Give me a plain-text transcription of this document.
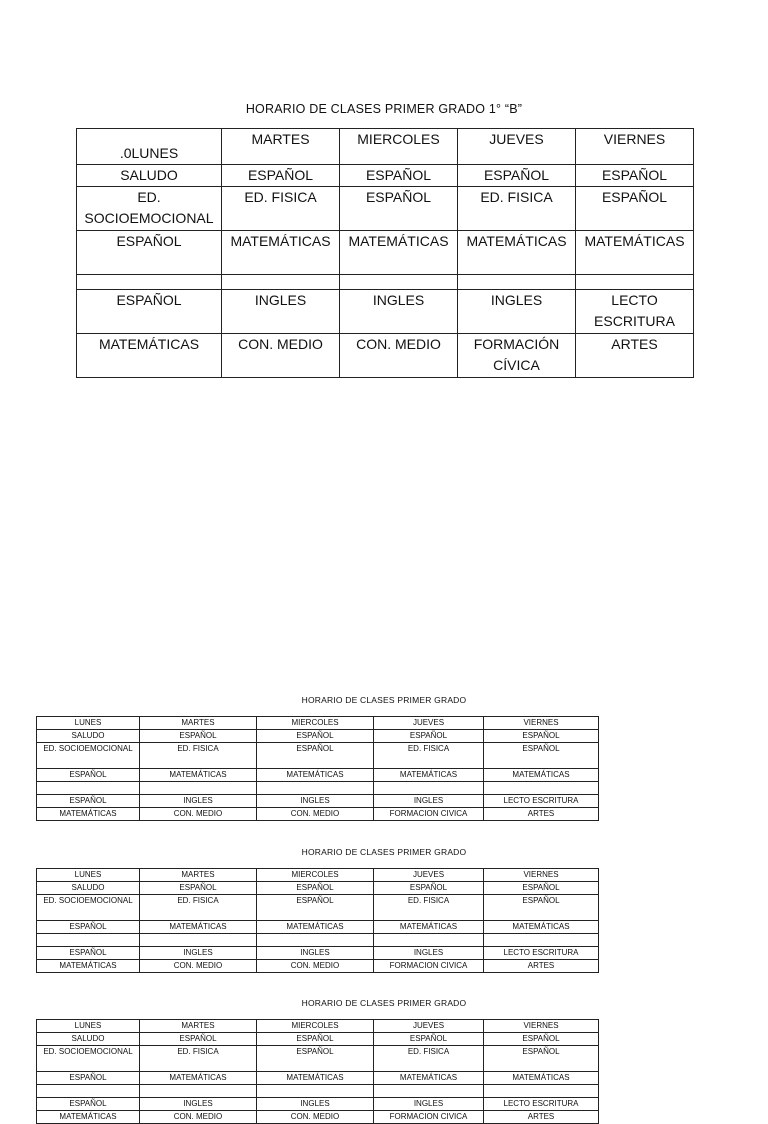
HORARIO DE CLASES PRIMER GRADO 1° “B”
.0LUNES	MARTES	MIERCOLES	JUEVES	VIERNES
SALUDO	ESPAÑOL	ESPAÑOL	ESPAÑOL	ESPAÑOL
ED. SOCIOEMOCIONAL	ED. FISICA	ESPAÑOL	ED. FISICA	ESPAÑOL
ESPAÑOL	MATEMÁTICAS	MATEMÁTICAS	MATEMÁTICAS	MATEMÁTICAS

ESPAÑOL	INGLES	INGLES	INGLES	LECTO ESCRITURA
MATEMÁTICAS	CON. MEDIO	CON. MEDIO	FORMACIÓN CÍVICA	ARTES
HORARIO DE CLASES PRIMER GRADO
LUNES	MARTES	MIERCOLES	JUEVES	VIERNES
SALUDO	ESPAÑOL	ESPAÑOL	ESPAÑOL	ESPAÑOL
ED. SOCIOEMOCIONAL	ED. FISICA	ESPAÑOL	ED. FISICA	ESPAÑOL
ESPAÑOL	MATEMÁTICAS	MATEMÁTICAS	MATEMÁTICAS	MATEMÁTICAS

ESPAÑOL	INGLES	INGLES	INGLES	LECTO ESCRITURA
MATEMÁTICAS	CON. MEDIO	CON. MEDIO	FORMACION CIVICA	ARTES
HORARIO DE CLASES PRIMER GRADO
LUNES	MARTES	MIERCOLES	JUEVES	VIERNES
SALUDO	ESPAÑOL	ESPAÑOL	ESPAÑOL	ESPAÑOL
ED. SOCIOEMOCIONAL	ED. FISICA	ESPAÑOL	ED. FISICA	ESPAÑOL
ESPAÑOL	MATEMÁTICAS	MATEMÁTICAS	MATEMÁTICAS	MATEMÁTICAS

ESPAÑOL	INGLES	INGLES	INGLES	LECTO ESCRITURA
MATEMÁTICAS	CON. MEDIO	CON. MEDIO	FORMACION CIVICA	ARTES
HORARIO DE CLASES PRIMER GRADO
LUNES	MARTES	MIERCOLES	JUEVES	VIERNES
SALUDO	ESPAÑOL	ESPAÑOL	ESPAÑOL	ESPAÑOL
ED. SOCIOEMOCIONAL	ED. FISICA	ESPAÑOL	ED. FISICA	ESPAÑOL
ESPAÑOL	MATEMÁTICAS	MATEMÁTICAS	MATEMÁTICAS	MATEMÁTICAS

ESPAÑOL	INGLES	INGLES	INGLES	LECTO ESCRITURA
MATEMÁTICAS	CON. MEDIO	CON. MEDIO	FORMACION CIVICA	ARTES
